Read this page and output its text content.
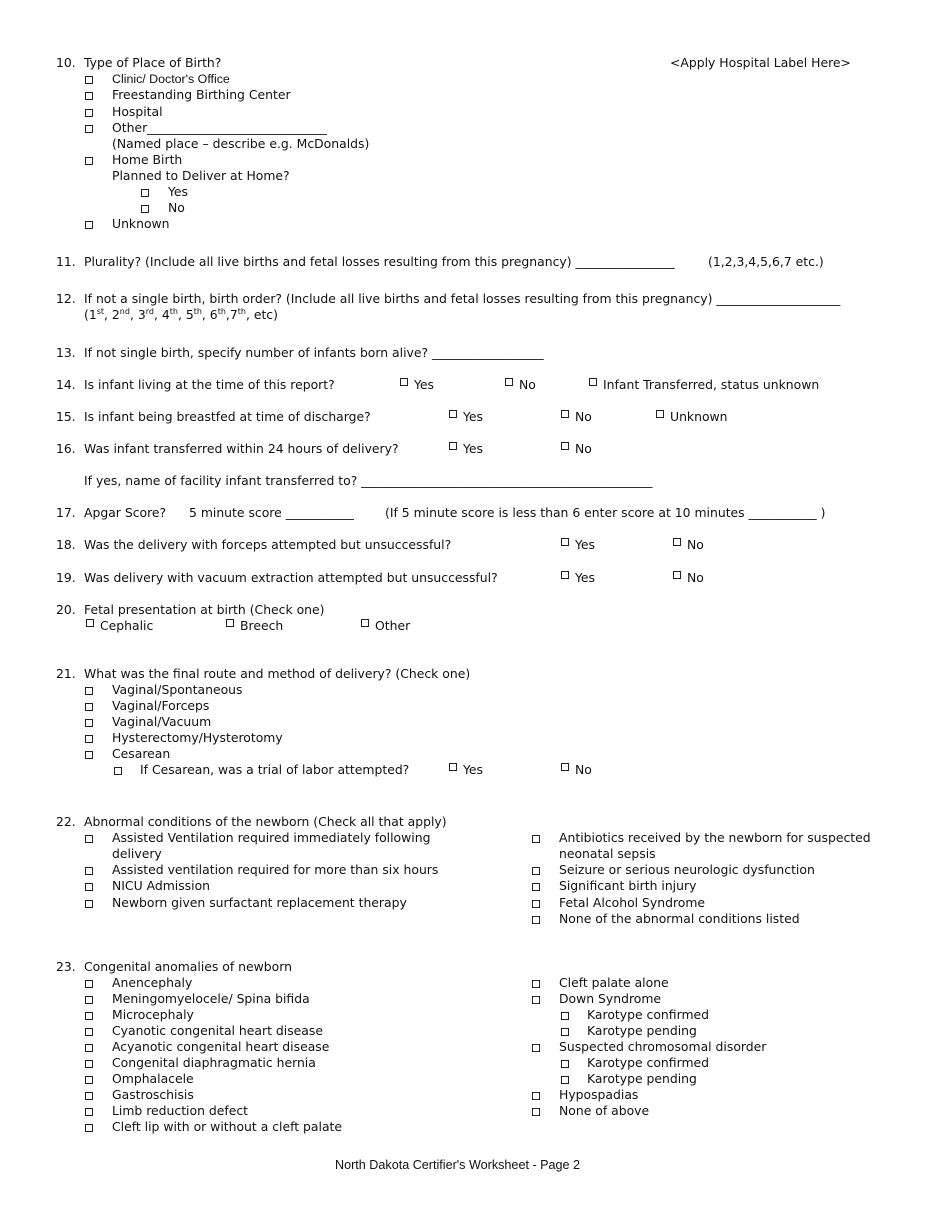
<Apply Hospital Label Here>
10. Type of Place of Birth?
Clinic/ Doctor's Office
Freestanding Birthing Center
Hospital
Other_____________________________
(Named place – describe e.g. McDonalds)
Home Birth
Planned to Deliver at Home?
Yes
No
Unknown
11. Plurality? (Include all live births and fetal losses resulting from this pregnancy) ________________	(1,2,3,4,5,6,7 etc.)
12. If not a single birth, birth order? (Include all live births and fetal losses resulting from this pregnancy) ____________________
(1st, 2nd, 3rd, 4th, 5th, 6th,7th, etc)
13. If not single birth, specify number of infants born alive? __________________
14. Is infant living at the time of this report?	Yes	No	Infant Transferred, status unknown
15. Is infant being breastfed at time of discharge?	Yes	No	Unknown
16. Was infant transferred within 24 hours of delivery?	Yes	No
If yes, name of facility infant transferred to? _______________________________________________
17. Apgar Score? 5 minute score ___________	(If 5 minute score is less than 6 enter score at 10 minutes ___________ )
18. Was the delivery with forceps attempted but unsuccessful?	Yes	No
19. Was delivery with vacuum extraction attempted but unsuccessful?	Yes	No
20. Fetal presentation at birth (Check one)
Cephalic	Breech	Other
21. What was the final route and method of delivery? (Check one)
Vaginal/Spontaneous
Vaginal/Forceps
Vaginal/Vacuum
Hysterectomy/Hysterotomy
Cesarean
If Cesarean, was a trial of labor attempted?	Yes	No
22. Abnormal conditions of the newborn (Check all that apply)
Assisted Ventilation required immediately following
delivery
Assisted ventilation required for more than six hours
NICU Admission
Newborn given surfactant replacement therapy
Antibiotics received by the newborn for suspected
neonatal sepsis
Seizure or serious neurologic dysfunction
Significant birth injury
Fetal Alcohol Syndrome
None of the abnormal conditions listed
23. Congenital anomalies of newborn
Anencephaly
Meningomyelocele/ Spina bifida
Microcephaly
Cyanotic congenital heart disease
Acyanotic congenital heart disease
Congenital diaphragmatic hernia
Omphalacele
Gastroschisis
Limb reduction defect
Cleft lip with or without a cleft palate
Cleft palate alone
Down Syndrome
Karotype confirmed
Karotype pending
Suspected chromosomal disorder
Karotype confirmed
Karotype pending
Hypospadias
None of above
North Dakota Certifier's Worksheet - Page 2
